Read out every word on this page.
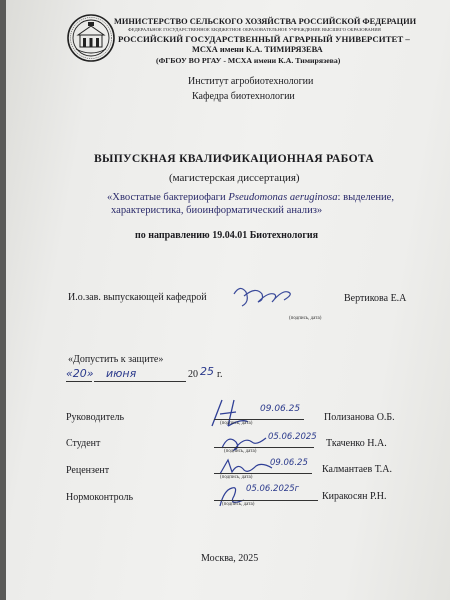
МИНИСТЕРСТВО СЕЛЬСКОГО ХОЗЯЙСТВА РОССИЙСКОЙ ФЕДЕРАЦИИ
ФЕДЕРАЛЬНОЕ ГОСУДАРСТВЕННОЕ БЮДЖЕТНОЕ ОБРАЗОВАТЕЛЬНОЕ УЧРЕЖДЕНИЕ ВЫСШЕГО ОБРАЗОВАНИЯ
РОССИЙСКИЙ ГОСУДАРСТВЕННЫЙ АГРАРНЫЙ УНИВЕРСИТЕТ –
МСХА имени К.А. ТИМИРЯЗЕВА
(ФГБОУ ВО РГАУ - МСХА имени К.А. Тимирязева)
Институт агробиотехнологии
Кафедра биотехнологии
ВЫПУСКНАЯ КВАЛИФИКАЦИОННАЯ РАБОТА
(магистерская диссертация)
«Хвостатые бактериофаги Pseudomonas aeruginosa: выделение,
характеристика, биоинформатический анализ»
по направлению 19.04.01 Биотехнология
И.о.зав. выпускающей кафедрой	Вертикова Е.А
(подпись, дата)
«Допустить к защите»
«20» июня	20 25 г.
Руководитель
09.06.25
(подпись, дата)
Полизанова О.Б.
Студент
05.06.2025
(подпись, дата)
Ткаченко Н.А.
Рецензент
09.06.25
(подпись, дата)
Калмантаев Т.А.
Нормоконтроль
05.06.2025г
(подпись, дата)
Киракосян Р.Н.
Москва, 2025
